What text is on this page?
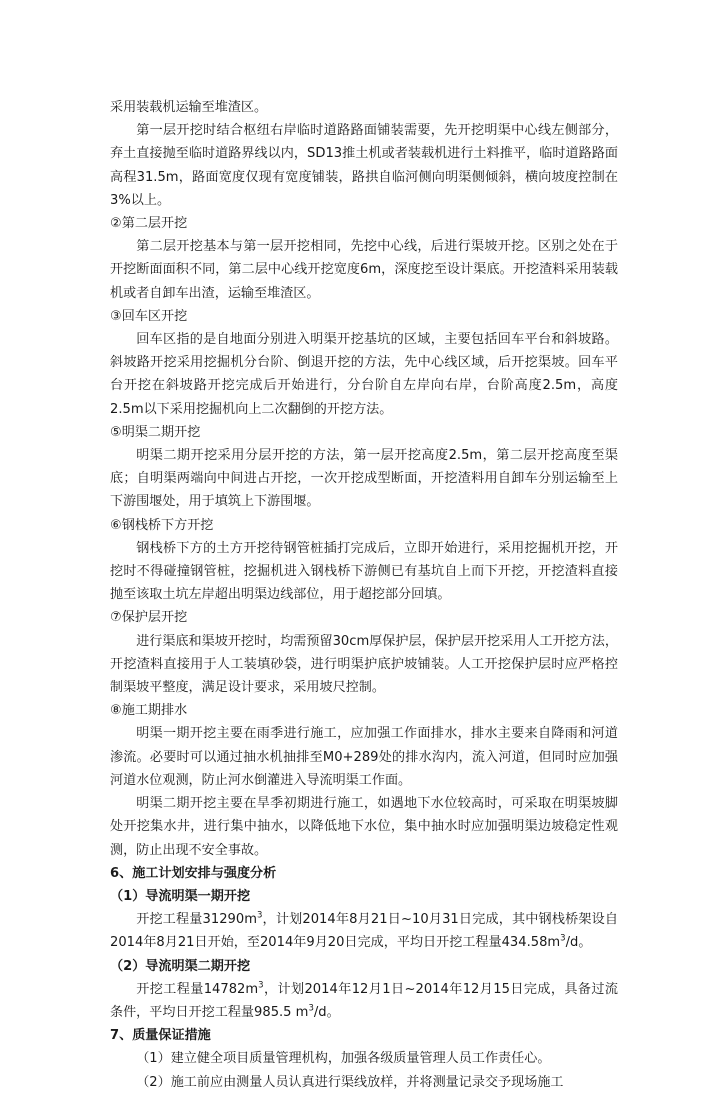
采用装载机运输至堆渣区。

第一层开挖时结合枢纽右岸临时道路路面铺装需要，先开挖明渠中心线左侧部分，弃土直接抛至临时道路界线以内，SD13推土机或者装载机进行土料推平，临时道路路面高程31.5m，路面宽度仅现有宽度铺装，路拱自临河侧向明渠侧倾斜，横向坡度控制在3%以上。

②第二层开挖

第二层开挖基本与第一层开挖相同，先挖中心线，后进行渠坡开挖。区别之处在于开挖断面面积不同，第二层中心线开挖宽度6m，深度挖至设计渠底。开挖渣料采用装载机或者自卸车出渣，运输至堆渣区。

③回车区开挖

回车区指的是自地面分别进入明渠开挖基坑的区域，主要包括回车平台和斜坡路。斜坡路开挖采用挖掘机分台阶、倒退开挖的方法，先中心线区域，后开挖渠坡。回车平台开挖在斜坡路开挖完成后开始进行，分台阶自左岸向右岸，台阶高度2.5m，高度2.5m以下采用挖掘机向上二次翻倒的开挖方法。

⑤明渠二期开挖

明渠二期开挖采用分层开挖的方法，第一层开挖高度2.5m，第二层开挖高度至渠底；自明渠两端向中间进占开挖，一次开挖成型断面，开挖渣料用自卸车分别运输至上下游围堰处，用于填筑上下游围堰。

⑥钢栈桥下方开挖

钢栈桥下方的土方开挖待钢管桩插打完成后，立即开始进行，采用挖掘机开挖，开挖时不得碰撞钢管桩，挖掘机进入钢栈桥下游侧已有基坑自上而下开挖，开挖渣料直接抛至该取土坑左岸超出明渠边线部位，用于超挖部分回填。

⑦保护层开挖

进行渠底和渠坡开挖时，均需预留30cm厚保护层，保护层开挖采用人工开挖方法，开挖渣料直接用于人工装填砂袋，进行明渠护底护坡铺装。人工开挖保护层时应严格控制渠坡平整度，满足设计要求，采用坡尺控制。

⑧施工期排水

明渠一期开挖主要在雨季进行施工，应加强工作面排水，排水主要来自降雨和河道渗流。必要时可以通过抽水机抽排至M0+289处的排水沟内，流入河道，但同时应加强河道水位观测，防止河水倒灌进入导流明渠工作面。

明渠二期开挖主要在旱季初期进行施工，如遇地下水位较高时，可采取在明渠坡脚处开挖集水井，进行集中抽水，以降低地下水位，集中抽水时应加强明渠边坡稳定性观测，防止出现不安全事故。

6、施工计划安排与强度分析

（1）导流明渠一期开挖

开挖工程量$31290m^3$，计划2014年8月21日~10月31日完成，其中钢栈桥架设自2014年8月21日开始，至2014年9月20日完成，平均日开挖工程量$434.58m^3/d$。

（2）导流明渠二期开挖

开挖工程量$14782m^3$，计划2014年12月1日~2014年12月15日完成，具备过流条件，平均日开挖工程量985.5 $m^3/d$。

7、质量保证措施

（1）建立健全项目质量管理机构，加强各级质量管理人员工作责任心。

（2）施工前应由测量人员认真进行渠线放样，并将测量记录交予现场施工
